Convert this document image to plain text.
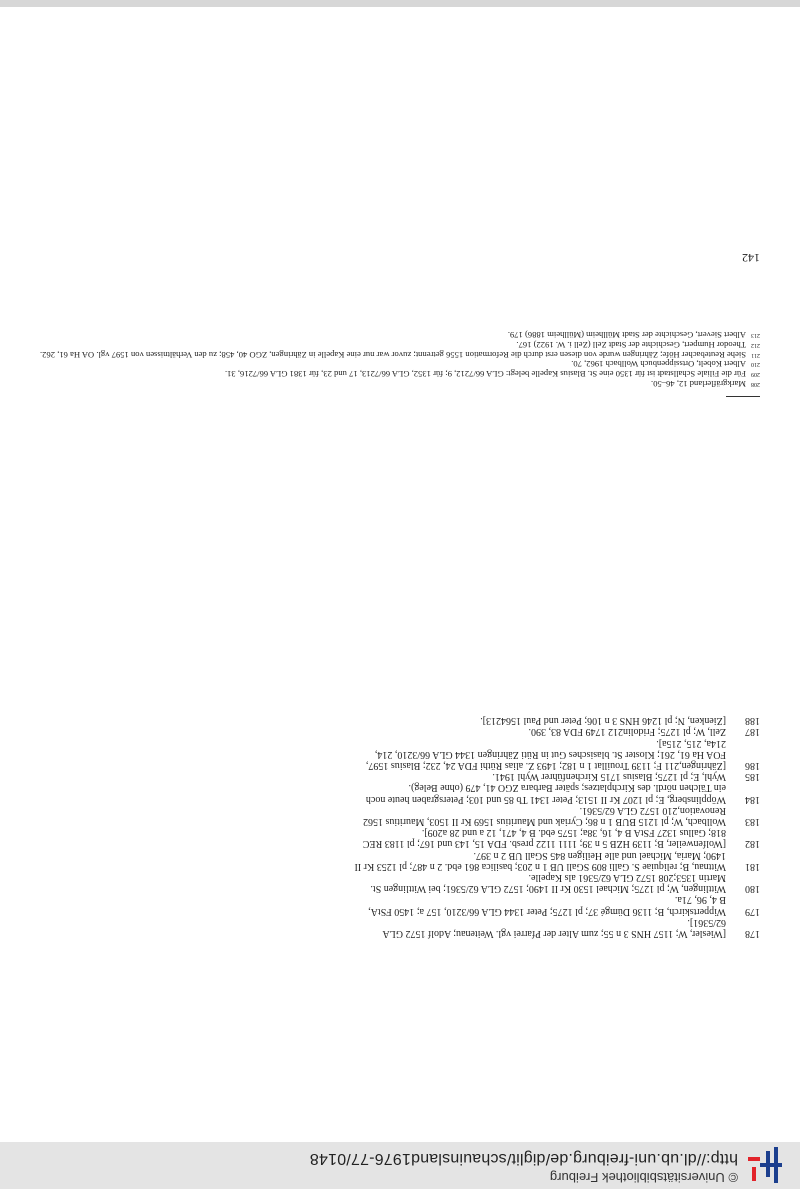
© Universitätsbibliothek Freiburg
http://dl.ub.uni-freiburg.de/diglit/schauinsland1976-77/0148
178
[Wiesler, W; 1157 HNS 3 n 55; zum Alter der Pfarrei vgl. Weitenau; Adolf 1572 GLA
62/5361].
179
Wippertskirch, B; 1136 Dümgé 37; pl 1275; Peter 1344 GLA 66/3210, 157 a; 1450 FStA,
B 4, 96, 71a.
180
Wittlingen, W; pl 1275; Michael 1530 Kr II 1490; 1572 GLA 62/5361; bei Wittlingen St.
Martin 1353;208 1572 GLA 62/5361 als Kapelle.
181
Wittnau, B; reliquiae S. Galli 809 SGall UB 1 n 203; basilica 861 ebd. 2 n 487; pl 1253 Kr II
1490; Maria, Michael und alle Heiligen 845 SGall UB 2 n 397.
182
[Wolfenweiler, B; 1139 HZB 5 n 39; 1111 1122 presb. FDA 15, 143 und 167; pl 1183 REC
818; Gallus 1327 FStA B 4, 16, 38a; 1575 ebd. B 4, 471, 12 a und 28 a209].
183
Wollbach, W; pl 1215 BUB 1 n 86; Cyriak und Mauritius 1569 Kr II 1503, Mauritius 1562
Renovation,210 1572 GLA 62/5361.
184
Wöpplinsberg, E; pl 1207 Kr II 1513; Peter 1341 Tb 85 und 103; Petersgraben heute noch
ein Tälchen nördl. des Kirchplatzes; später Barbara ZGO 41, 479 (ohne Beleg).
185
Wyhl, E; pl 1275; Blasius 1715 Kirchenführer Wyhl 1941.
186
[Zähringen,211 F; 1139 Trouillat 1 n 182; 1493 Z. alias Rüthi FDA 24, 232; Blasius 1597,
FOA Ha 61, 261; Kloster St. blasisches Gut in Rüti Zähringen 1344 GLA 66/3210, 214,
214a, 215, 215a].
187
Zell, W; pl 1275; Fridolin212 1749 FDA 83, 390.
188
[Zienken, N; pl 1246 HNS 3 n 106; Peter und Paul 1564213].
208
Markgräflerland 12, 46–50.
209
Für die Filiale Schallstadt ist für 1350 eine St. Blasius Kapelle belegt: GLA 66/7212, 9; für 1352, GLA 66/7213, 17 und 23, für 1381 GLA 66/7216, 31.
210
Albert Kobelt, Ortssippenbuch Wollbach 1962, 70.
211
Siehe Reutebacher Höfe; Zähringen wurde von diesen erst durch die Reformation 1556 getrennt; zuvor war nur eine Kapelle in Zähringen, ZGO 40, 458; zu den Verhältnissen von 1597 vgl. OA Ha 61, 262.
212
Theodor Humpert, Geschichte der Stadt Zell (Zell i. W. 1922) 167.
213
Albert Sievert, Geschichte der Stadt Müllheim (Müllheim 1886) 179.
142
